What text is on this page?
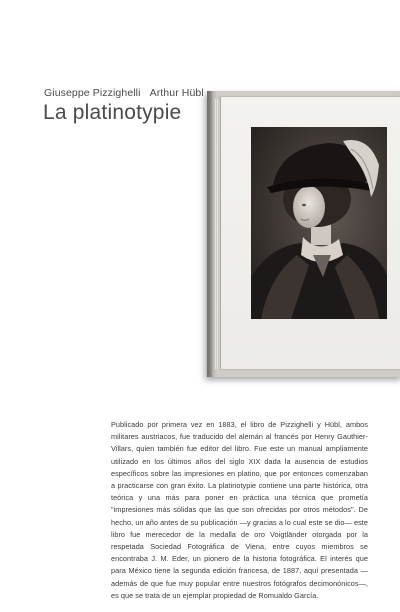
Giuseppe Pizzighelli Arthur Hübl
La platinotypie

Publicado por primera vez en 1883, el libro de Pizzighelli y Hübl, ambos militares austriacos, fue traducido del alemán al francés por Henry Gauthier-Villars, quien también fue editor del libro. Fue este un manual ampliamente utilizado en los últimos años del siglo XIX dada la ausencia de estudios específicos sobre las impresiones en platino, que por entonces comenzaban a practicarse con gran éxito. La platinotypie contiene una parte histórica, otra teórica y una más para poner en práctica una técnica que prometía "impresiones más sólidas que las que son ofrecidas por otros métodos". De hecho, un año antes de su publicación —y gracias a lo cual este se dio— este libro fue merecedor de la medalla de oro Voigtländer otorgada por la respetada Sociedad Fotográfica de Viena, entre cuyos miembros se encontraba J. M. Eder, un pionero de la historia fotográfica. El interés que para México tiene la segunda edición francesa, de 1887, aquí presentada —además de que fue muy popular entre nuestros fotógrafos decimonónicos—, es que se trata de un ejemplar propiedad de Romualdo García.
